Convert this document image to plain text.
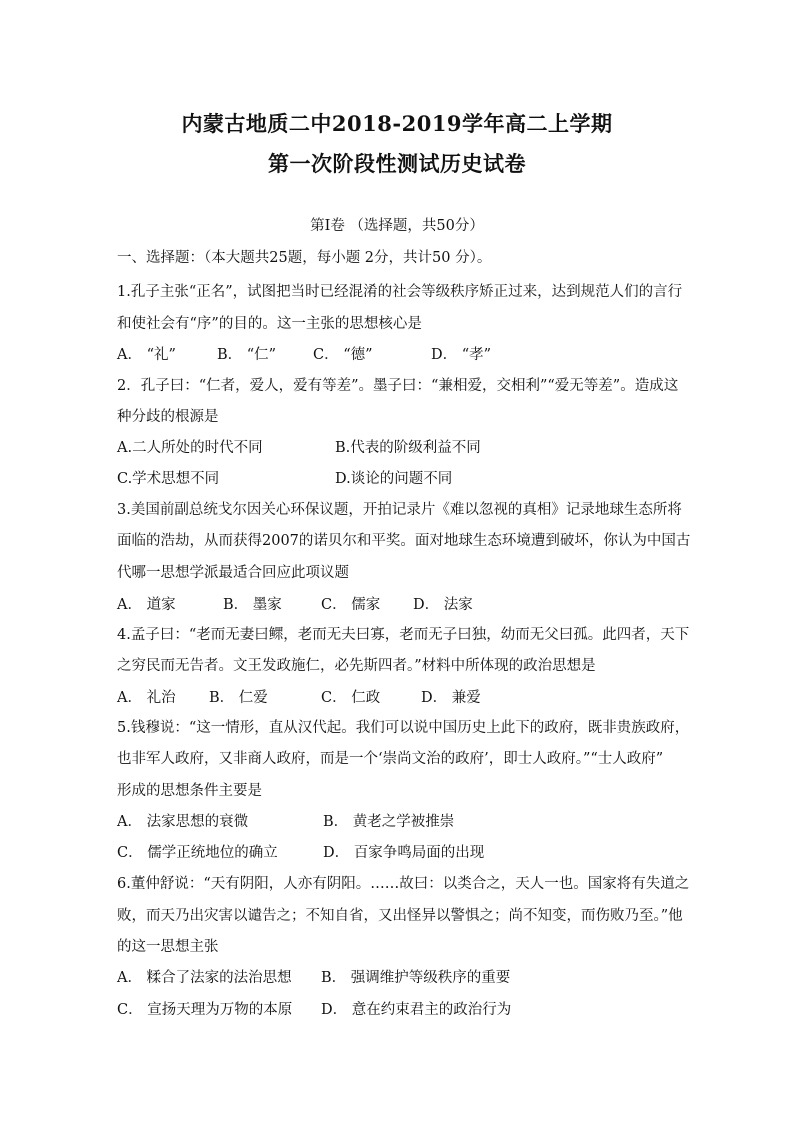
内蒙古地质二中2018-2019学年高二上学期
第一次阶段性测试历史试卷
第Ⅰ卷 （选择题，共50分）
一、选择题：（本大题共25题，每小题 2分，共计50 分）。
1.孔子主张“正名”，试图把当时已经混淆的社会等级秩序矫正过来，达到规范人们的言行
和使社会有“序”的目的。这一主张的思想核心是
A． “礼”	B． “仁”	C． “德”	D． “孝”
2．孔子曰：“仁者，爱人，爱有等差”。墨子曰：“兼相爱，交相利”“爱无等差”。造成这
种分歧的根源是
A.二人所处的时代不同	B.代表的阶级利益不同
C.学术思想不同	D.谈论的问题不同
3.美国前副总统戈尔因关心环保议题，开拍记录片《难以忽视的真相》记录地球生态所将
面临的浩劫，从而获得2007的诺贝尔和平奖。面对地球生态环境遭到破坏，你认为中国古
代哪一思想学派最适合回应此项议题
A． 道家	B． 墨家	C． 儒家 D． 法家
4.孟子曰：“老而无妻曰鳏，老而无夫曰寡，老而无子曰独，幼而无父曰孤。此四者，天下
之穷民而无告者。文王发政施仁，必先斯四者。”材料中所体现的政治思想是
A． 礼治 B． 仁爱	C． 仁政	D． 兼爱
5.钱穆说：“这一情形，直从汉代起。我们可以说中国历史上此下的政府，既非贵族政府，
也非军人政府，又非商人政府，而是一个‘崇尚文治的政府’，即士人政府。”“士人政府”
形成的思想条件主要是
A． 法家思想的衰微	B． 黄老之学被推崇
C． 儒学正统地位的确立	D． 百家争鸣局面的出现
6.董仲舒说：“天有阴阳，人亦有阴阳。……故曰：以类合之，天人一也。国家将有失道之
败，而天乃出灾害以谴告之；不知自省，又出怪异以警惧之；尚不知变，而伤败乃至。”他
的这一思想主张
A． 糅合了法家的法治思想 B． 强调维护等级秩序的重要
C． 宣扬天理为万物的本原 D． 意在约束君主的政治行为
